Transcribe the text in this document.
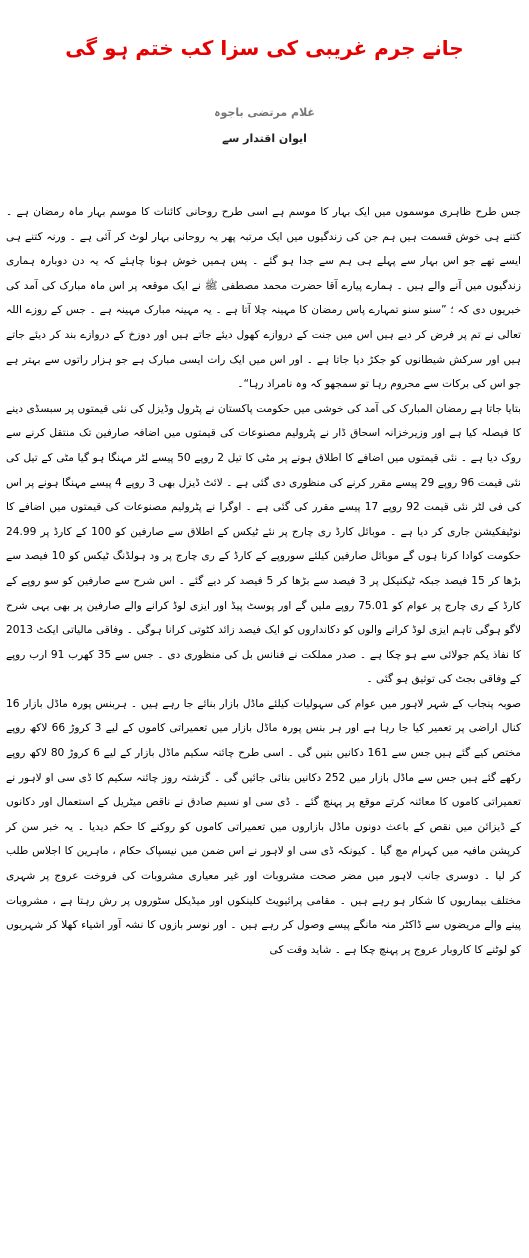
جانے جرم غریبی کی سزا کب ختم ہو گی
غلام مرتضی باجوہ
ایوان اقتدار سے

جس طرح ظاہری موسموں میں ایک بہار کا موسم ہے اسی طرح روحانی کائنات کا موسم بہار ماہ رمضان ہے ۔ کتنے ہی خوش قسمت ہیں ہم جن کی زندگیوں میں ایک مرتبہ پھر یہ روحانی بہار لوٹ کر آئی ہے ۔ ورنہ کتنے ہی ایسے تھے جو اس بہار سے پہلے ہی ہم سے جدا ہو گئے ۔ پس ہمیں خوش ہونا چاہئے کہ یہ دن دوبارہ ہماری زندگیوں میں آنے والے ہیں ۔ ہمارے پیارے آقا حضرت محمد مصطفی ﷺ نے ایک موقعہ پر اس ماہ مبارک کی آمد کی خبریوں دی کہ ؛ ”سنو سنو تمہارے پاس رمضان کا مہینہ چلا آتا ہے ۔ یہ مہینہ مبارک مہینہ ہے ۔ جس کے روزے اللہ تعالی نے تم پر فرض کر دیے ہیں اس میں جنت کے دروازے کھول دیئے جاتے ہیں اور دوزخ کے دروازے بند کر دیئے جاتے ہیں اور سرکش شیطانوں کو جکڑ دیا جاتا ہے ۔ اور اس میں ایک رات ایسی مبارک ہے جو ہزار راتوں سے بہتر ہے جو اس کی برکات سے محروم رہا تو سمجھو کہ وہ نامراد رہا“۔

بتایا جاتا ہے رمضان المبارک کی آمد کی خوشی میں حکومت پاکستان نے پٹرول وڈیزل کی نئی قیمتوں پر سبسڈی دینے کا فیصلہ کیا ہے اور وزیرخزانہ اسحاق ڈار نے پٹرولیم مصنوعات کی قیمتوں میں اضافہ صارفین تک منتقل کرنے سے روک دیا ہے ۔ نئی قیمتوں میں اضافے کا اطلاق ہونے پر مٹی کا تیل 2 روپے 50 پیسے لٹر مہنگا ہو گیا مٹی کے تیل کی نئی قیمت 96 روپے 29 پیسے مقرر کرنے کی منظوری دی گئی ہے ۔ لائٹ ڈیزل بھی 3 روپے 4 پیسے مہنگا ہونے پر اس کی فی لٹر نئی قیمت 92 روپے 17 پیسے مقرر کی گئی ہے ۔ اوگرا نے پٹرولیم مصنوعات کی قیمتوں میں اضافے کا نوٹیفکیشن جاری کر دیا ہے ۔ موبائل کارڈ ری چارج پر نئے ٹیکس کے اطلاق سے صارفین کو 100 کے کارڈ پر 24.99 حکومت کوادا کرنا ہوں گے موبائل صارفین کیلئے سوروپے کے کارڈ کے ری چارج پر ود ہولڈنگ ٹیکس کو 10 فیصد سے بڑھا کر 15 فیصد جبکہ ٹیکنیکل پر 3 فیصد سے بڑھا کر 5 فیصد کر دیے گئے ۔ اس شرح سے صارفین کو سو روپے کے کارڈ کے ری چارج پر عوام کو 75.01 روپے ملیں گے اور پوسٹ پیڈ اور ایزی لوڈ کرانے والے صارفین پر بھی یہی شرح لاگو ہوگی تاہم ایزی لوڈ کرانے والوں کو دکانداروں کو ایک فیصد زائد کٹوتی کرانا ہوگی ۔ وفاقی مالیاتی ایکٹ 2013 کا نفاذ یکم جولائی سے ہو چکا ہے ۔ صدر مملکت نے فنانس بل کی منظوری دی ۔ جس سے 35 کھرب 91 ارب روپے کے وفاقی بجٹ کی توثیق ہو گئی ۔

صوبہ پنجاب کے شہر لاہور میں عوام کی سہولیات کیلئے ماڈل بازار بنائے جا رہے ہیں ۔ ہربنس پورہ ماڈل بازار 16 کنال اراضی پر تعمیر کیا جا رہا ہے اور ہر بنس پورہ ماڈل بازار میں تعمیراتی کاموں کے لیے 3 کروڑ 66 لاکھ روپے مختص کیے گئے ہیں جس سے 161 دکانیں بنیں گی ۔ اسی طرح چائنہ سکیم ماڈل بازار کے لیے 6 کروڑ 80 لاکھ روپے رکھے گئے ہیں جس سے ماڈل بازار میں 252 دکانیں بنائی جائیں گی ۔ گزشتہ روز چائنہ سکیم کا ڈی سی او لاہور نے تعمیراتی کاموں کا معائنہ کرتے موقع پر پہنچ گئے ۔ ڈی سی او نسیم صادق نے ناقص میٹریل کے استعمال اور دکانوں کے ڈیزائن میں نقص کے باعث دونوں ماڈل بازاروں میں تعمیراتی کاموں کو روکنے کا حکم دیدیا ۔ یہ خبر سن کر کرپشن مافیہ میں کہرام مچ گیا ۔ کیونکہ ڈی سی او لاہور نے اس ضمن میں نیسپاک حکام ، ماہرین کا اجلاس طلب کر لیا ۔ دوسری جانب لاہور میں مضر صحت مشروبات اور غیر معیاری مشروبات کی فروخت عروج پر شہری مختلف بیماریوں کا شکار ہو رہے ہیں ۔ مقامی پرائیویٹ کلینکوں اور میڈیکل سٹوروں پر رش رہتا ہے ، مشروبات پینے والے مریضوں سے ڈاکٹر منہ مانگے پیسے وصول کر رہے ہیں ۔ اور نوسر بازوں کا نشہ آور اشیاء کھلا کر شہریوں کو لوٹنے کا کاروبار عروج پر پہنچ چکا ہے ۔ شاید وقت کی
